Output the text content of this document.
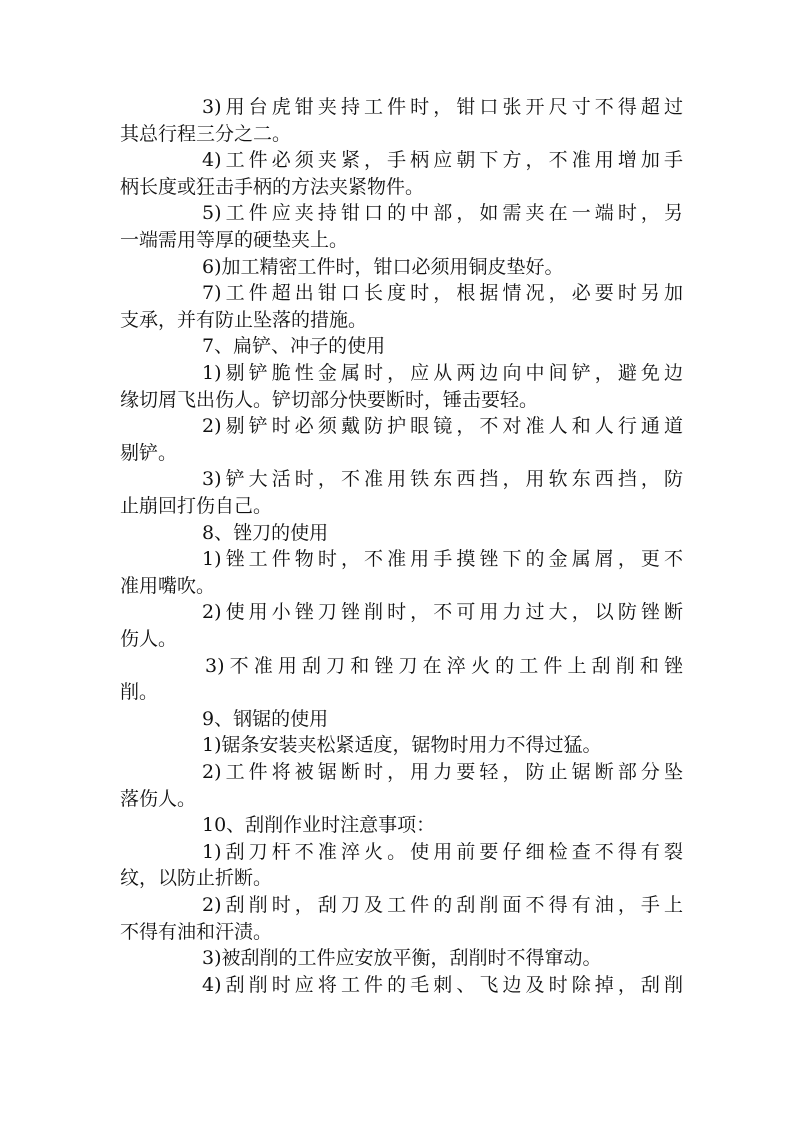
3)用台虎钳夹持工件时，钳口张开尺寸不得超过
其总行程三分之二。
4)工件必须夹紧，手柄应朝下方，不准用增加手
柄长度或狂击手柄的方法夹紧物件。
5)工件应夹持钳口的中部，如需夹在一端时，另
一端需用等厚的硬垫夹上。
6)加工精密工件时，钳口必须用铜皮垫好。
7)工件超出钳口长度时，根据情况，必要时另加
支承，并有防止坠落的措施。
7、扁铲、冲子的使用
1)剔铲脆性金属时，应从两边向中间铲，避免边
缘切屑飞出伤人。铲切部分快要断时，锤击要轻。
2)剔铲时必须戴防护眼镜，不对准人和人行通道
剔铲。
3)铲大活时，不准用铁东西挡，用软东西挡，防
止崩回打伤自己。
8、锉刀的使用
1)锉工件物时，不准用手摸锉下的金属屑，更不
准用嘴吹。
2)使用小锉刀锉削时，不可用力过大，以防锉断
伤人。
3)不准用刮刀和锉刀在淬火的工件上刮削和锉
削。
9、钢锯的使用
1)锯条安装夹松紧适度，锯物时用力不得过猛。
2)工件将被锯断时，用力要轻，防止锯断部分坠
落伤人。
10、刮削作业时注意事项：
1)刮刀杆不准淬火。使用前要仔细检查不得有裂
纹，以防止折断。
2)刮削时，刮刀及工件的刮削面不得有油，手上
不得有油和汗渍。
3)被刮削的工件应安放平衡，刮削时不得窜动。
4)刮削时应将工件的毛刺、飞边及时除掉，刮削
